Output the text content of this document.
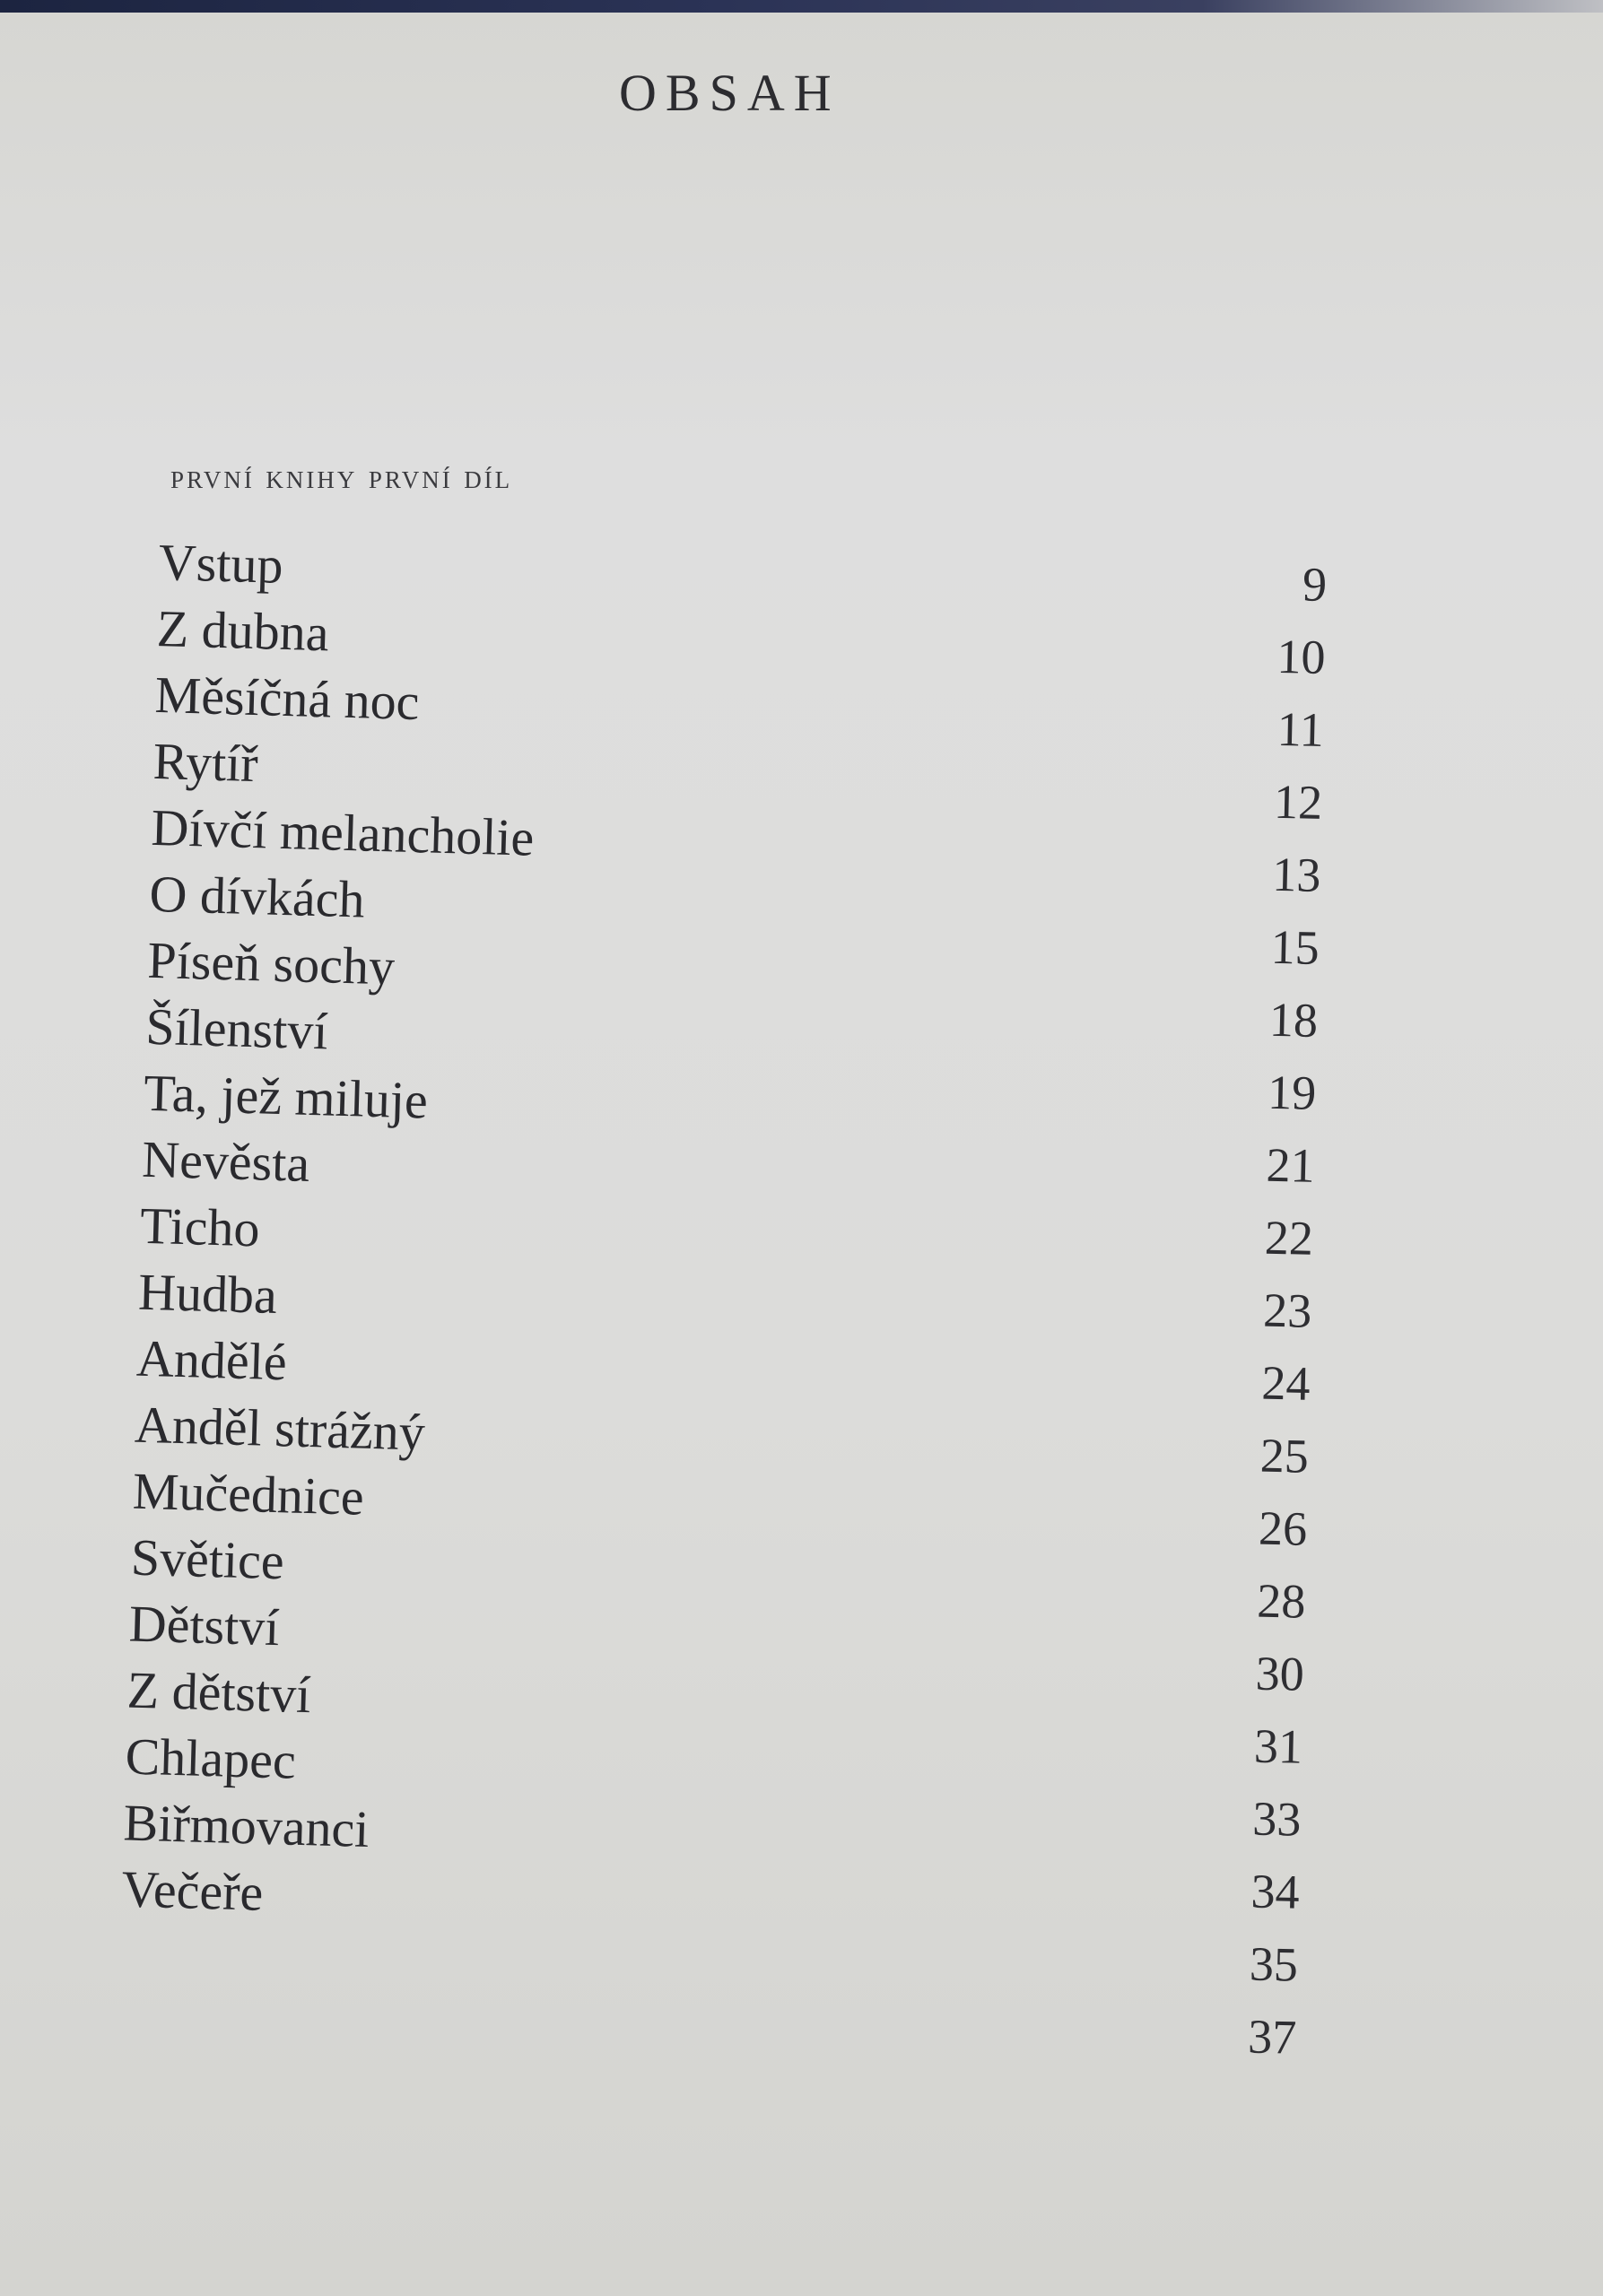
OBSAH
první knihy první díl
Vstup
Z dubna
Měsíčná noc
Rytíř
Dívčí melancholie
O dívkách
Píseň sochy
Šílenství
Ta, jež miluje
Nevěsta
Ticho
Hudba
Andělé
Anděl strážný
Mučednice
Světice
Dětství
Z dětství
Chlapec
Biřmovanci
Večeře
9
10
11
12
13
15
18
19
21
22
23
24
25
26
28
30
31
33
34
35
37
